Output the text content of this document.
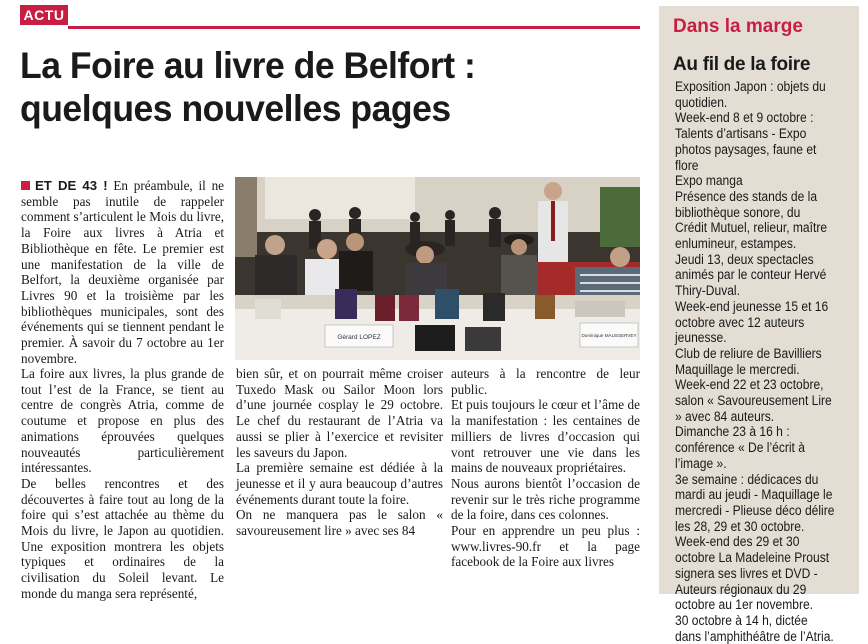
ACTU
La Foire au livre de Belfort :
quelques nouvelles pages

ET DE 43 ! En préambule, il ne semble pas inutile de rappeler comment s’articulent le Mois du livre, la Foire aux livres à Atria et Bibliothèque en fête. Le premier est une manifestation de la ville de Belfort, la deuxième organisée par Livres 90 et la troisième par les bibliothèques municipales, sont des événements qui se tiennent pendant le premier. À savoir du 7 octobre au 1er novembre.

Gérard LOPEZ	Dominique MAUSSERVEY

La foire aux livres, la plus grande de tout l’est de la France, se tient au centre de congrès Atria, comme de coutume et propose en plus des animations éprouvées quelques nouveautés particulièrement intéressantes.

De belles rencontres et des découvertes à faire tout au long de la foire qui s’est attachée au thème du Mois du livre, le Japon au quotidien. Une exposition montrera les objets typiques et ordinaires de la civilisation du Soleil levant. Le monde du manga sera représenté,

bien sûr, et on pourrait même croiser Tuxedo Mask ou Sailor Moon lors d’une journée cosplay le 29 octobre. Le chef du restaurant de l’Atria va aussi se plier à l’exercice et revisiter les saveurs du Japon.

La première semaine est dédiée à la jeunesse et il y aura beaucoup d’autres événements durant toute la foire.

On ne manquera pas le salon « savoureusement lire » avec ses 84

auteurs à la rencontre de leur public.

Et puis toujours le cœur et l’âme de la manifestation : les centaines de milliers de livres d’occasion qui vont retrouver une vie dans les mains de nouveaux propriétaires.

Nous aurons bientôt l’occasion de revenir sur le très riche programme de la foire, dans ces colonnes.

Pour en apprendre un peu plus : www.livres-90.fr et la page facebook de la Foire aux livres

Dans la marge
Au fil de la foire
Exposition Japon : objets du quotidien.
Week-end 8 et 9 octobre : Talents d’artisans - Expo photos paysages, faune et flore
Expo manga
Présence des stands de la bibliothèque sonore, du Crédit Mutuel, relieur, maître enlumineur, estampes.
Jeudi 13, deux spectacles animés par le conteur Hervé Thiry-Duval.
Week-end jeunesse 15 et 16 octobre avec 12 auteurs jeunesse.
Club de reliure de Bavilliers Maquillage le mercredi.
Week-end 22 et 23 octobre, salon « Savoureusement Lire » avec 84 auteurs.
Dimanche 23 à 16 h : conférence « De l’écrit à l’image ».
3e semaine : dédicaces du mardi au jeudi - Maquillage le mercredi - Plieuse déco délire les 28, 29 et 30 octobre.
Week-end des 29 et 30 octobre La Madeleine Proust signera ses livres et DVD - Auteurs régionaux du 29 octobre au 1er novembre.
30 octobre à 14 h, dictée dans l’amphithéâtre de l’Atria.
